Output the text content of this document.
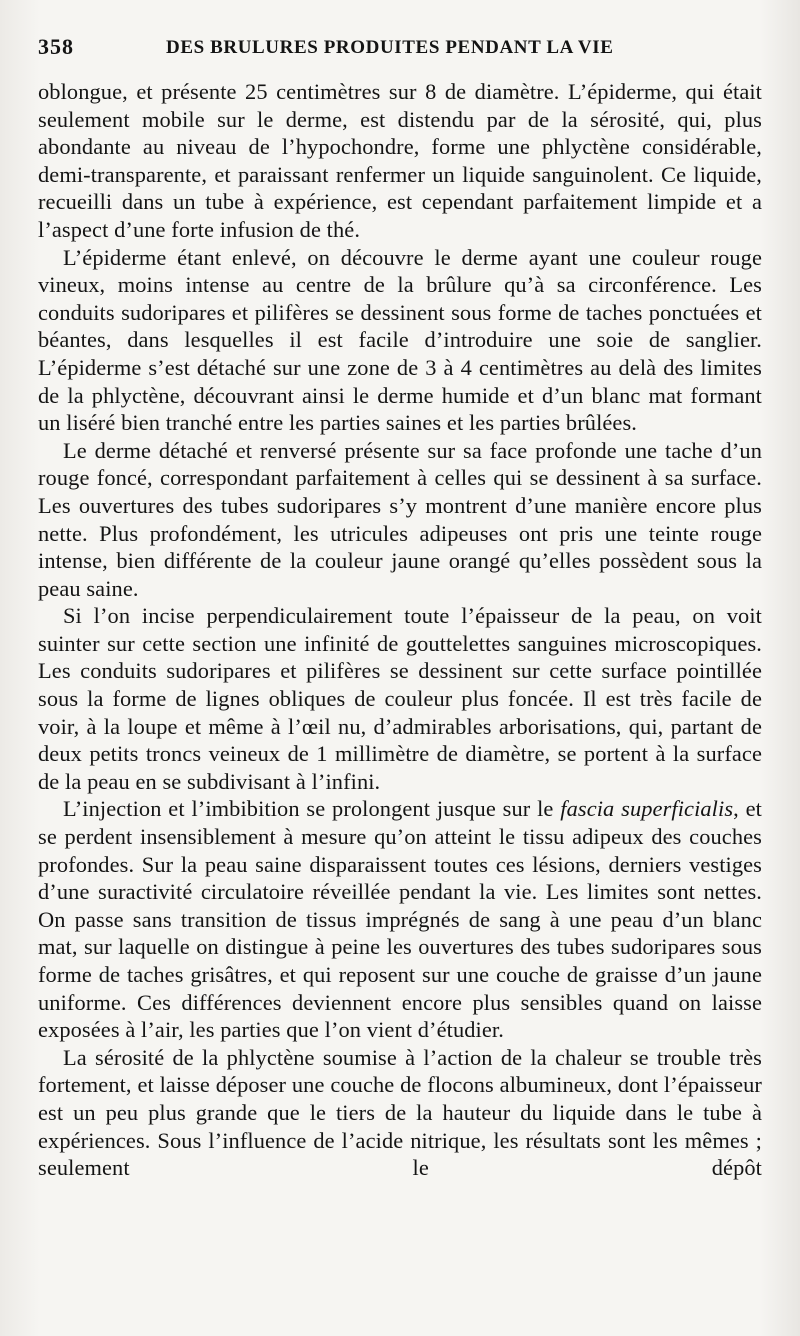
358	DES BRULURES PRODUITES PENDANT LA VIE

oblongue, et présente 25 centimètres sur 8 de diamètre. L’épiderme, qui était seulement mobile sur le derme, est distendu par de la sérosité, qui, plus abondante au niveau de l’hypochondre, forme une phlyctène considérable, demi-transparente, et paraissant renfermer un liquide sanguinolent. Ce liquide, recueilli dans un tube à expérience, est cependant parfaitement limpide et a l’aspect d’une forte infusion de thé.

L’épiderme étant enlevé, on découvre le derme ayant une couleur rouge vineux, moins intense au centre de la brûlure qu’à sa circonférence. Les conduits sudoripares et pilifères se dessinent sous forme de taches ponctuées et béantes, dans lesquelles il est facile d’introduire une soie de sanglier. L’épiderme s’est détaché sur une zone de 3 à 4 centimètres au delà des limites de la phlyctène, découvrant ainsi le derme humide et d’un blanc mat formant un liséré bien tranché entre les parties saines et les parties brûlées.

Le derme détaché et renversé présente sur sa face profonde une tache d’un rouge foncé, correspondant parfaitement à celles qui se dessinent à sa surface. Les ouvertures des tubes sudoripares s’y montrent d’une manière encore plus nette. Plus profondément, les utricules adipeuses ont pris une teinte rouge intense, bien différente de la couleur jaune orangé qu’elles possèdent sous la peau saine.

Si l’on incise perpendiculairement toute l’épaisseur de la peau, on voit suinter sur cette section une infinité de gouttelettes sanguines microscopiques. Les conduits sudoripares et pilifères se dessinent sur cette surface pointillée sous la forme de lignes obliques de couleur plus foncée. Il est très facile de voir, à la loupe et même à l’œil nu, d’admirables arborisations, qui, partant de deux petits troncs veineux de 1 millimètre de diamètre, se portent à la surface de la peau en se subdivisant à l’infini.

L’injection et l’imbibition se prolongent jusque sur le fascia superficialis, et se perdent insensiblement à mesure qu’on atteint le tissu adipeux des couches profondes. Sur la peau saine disparaissent toutes ces lésions, derniers vestiges d’une suractivité circulatoire réveillée pendant la vie. Les limites sont nettes. On passe sans transition de tissus imprégnés de sang à une peau d’un blanc mat, sur laquelle on distingue à peine les ouvertures des tubes sudoripares sous forme de taches grisâtres, et qui reposent sur une couche de graisse d’un jaune uniforme. Ces différences deviennent encore plus sensibles quand on laisse exposées à l’air, les parties que l’on vient d’étudier.

La sérosité de la phlyctène soumise à l’action de la chaleur se trouble très fortement, et laisse déposer une couche de flocons albumineux, dont l’épaisseur est un peu plus grande que le tiers de la hauteur du liquide dans le tube à expériences. Sous l’influence de l’acide nitrique, les résultats sont les mêmes ; seulement le dépôt
